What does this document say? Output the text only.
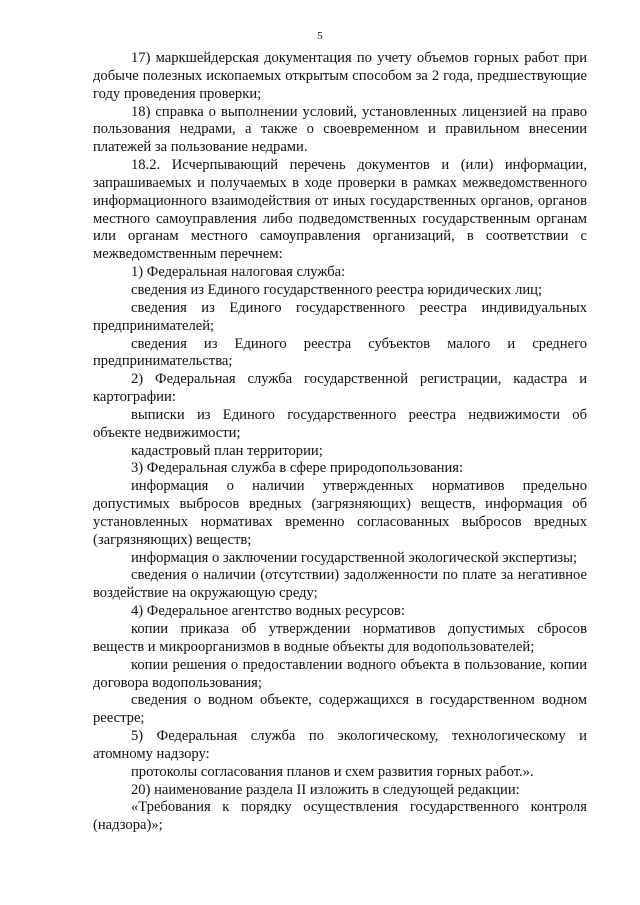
5

17) маркшейдерская документация по учету объемов горных работ при добыче полезных ископаемых открытым способом за 2 года, предшествующие году проведения проверки;

18) справка о выполнении условий, установленных лицензией на право пользования недрами, а также о своевременном и правильном внесении платежей за пользование недрами.

18.2. Исчерпывающий перечень документов и (или) информации, запрашиваемых и получаемых в ходе проверки в рамках межведомственного информационного взаимодействия от иных государственных органов, органов местного самоуправления либо подведомственных государственным органам или органам местного самоуправления организаций, в соответствии с межведомственным перечнем:

1) Федеральная налоговая служба:

сведения из Единого государственного реестра юридических лиц;

сведения из Единого государственного реестра индивидуальных предпринимателей;

сведения из Единого реестра субъектов малого и среднего предпринимательства;

2) Федеральная служба государственной регистрации, кадастра и картографии:

выписки из Единого государственного реестра недвижимости об объекте недвижимости;

кадастровый план территории;

3) Федеральная служба в сфере природопользования:

информация о наличии утвержденных нормативов предельно допустимых выбросов вредных (загрязняющих) веществ, информация об установленных нормативах временно согласованных выбросов вредных (загрязняющих) веществ;

информация о заключении государственной экологической экспертизы;

сведения о наличии (отсутствии) задолженности по плате за негативное воздействие на окружающую среду;

4) Федеральное агентство водных ресурсов:

копии приказа об утверждении нормативов допустимых сбросов веществ и микроорганизмов в водные объекты для водопользователей;

копии решения о предоставлении водного объекта в пользование, копии договора водопользования;

сведения о водном объекте, содержащихся в государственном водном реестре;

5) Федеральная служба по экологическому, технологическому и атомному надзору:

протоколы согласования планов и схем развития горных работ.».

20) наименование раздела II изложить в следующей редакции:

«Требования к порядку осуществления государственного контроля (надзора)»;
